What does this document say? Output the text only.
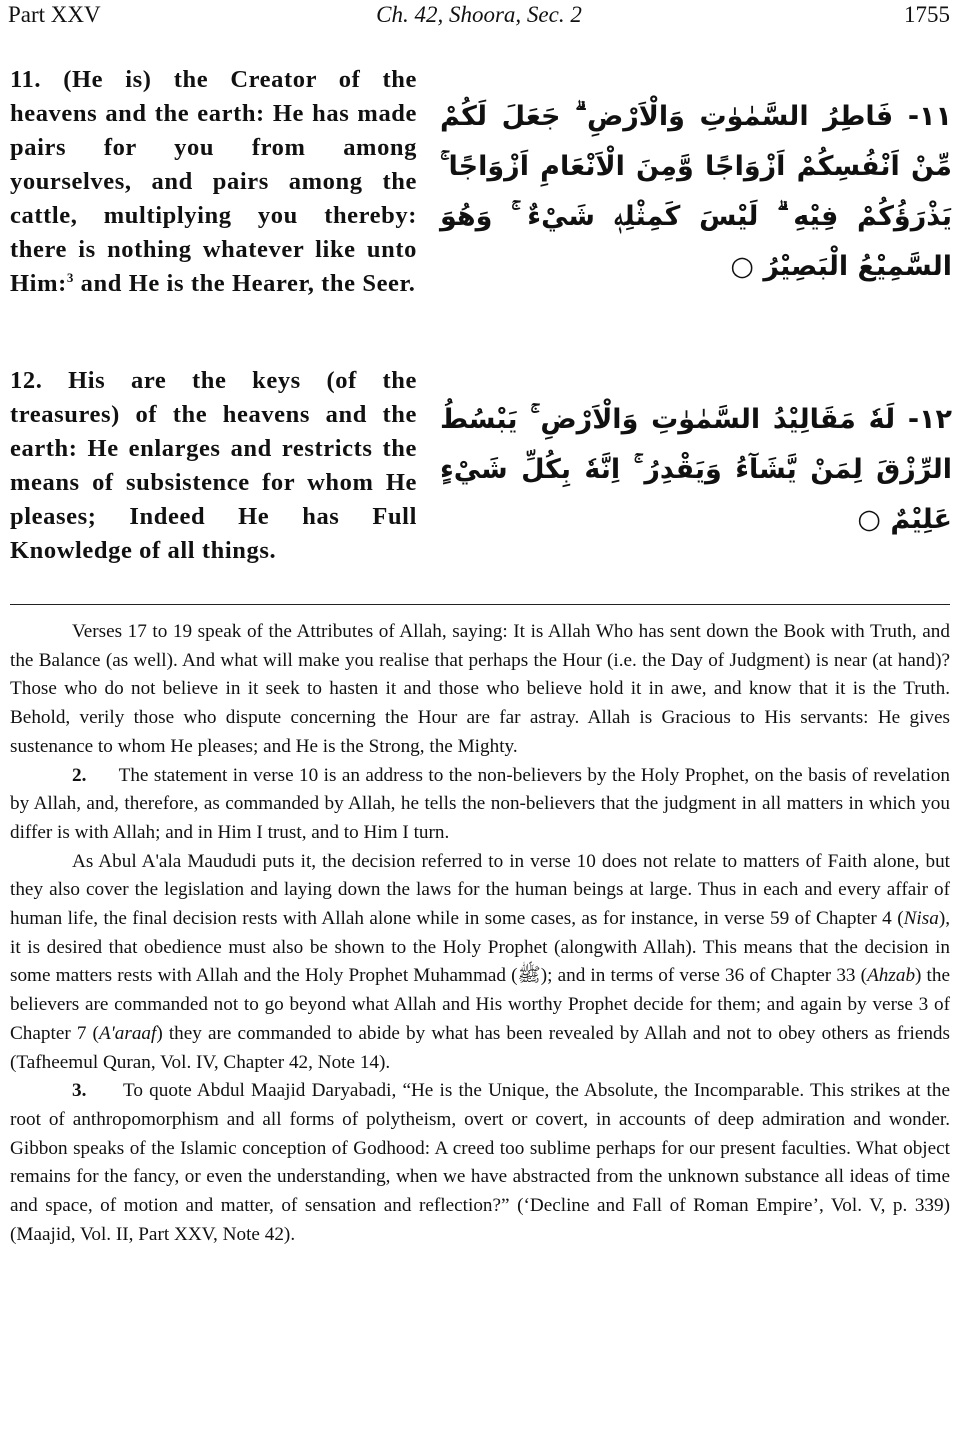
Part XXV	Ch. 42, Shoora, Sec. 2	1755
11. (He is) the Creator of the heavens and the earth: He has made pairs for you from among yourselves, and pairs among the cattle, multiplying you thereby: there is nothing whatever like unto Him:$^3$ and He is the Hearer, the Seer.
١١- فَاطِرُ السَّمٰوٰتِ وَالْاَرْضِ ۗ جَعَلَ لَكُمْ مِّنْ اَنْفُسِكُمْ اَزْوَاجًا وَّمِنَ الْاَنْعَامِ اَزْوَاجًا ۚ يَذْرَؤُكُمْ فِيْهِ ۗ لَيْسَ كَمِثْلِهٖ شَيْءٌ ۚ وَهُوَ السَّمِيْعُ الْبَصِيْرُ ○
12. His are the keys (of the treasures) of the heavens and the earth: He enlarges and restricts the means of subsistence for whom He pleases; Indeed He has Full Knowledge of all things.
١٢- لَهٗ مَقَالِيْدُ السَّمٰوٰتِ وَالْاَرْضِ ۚ يَبْسُطُ الرِّزْقَ لِمَنْ يَّشَآءُ وَيَقْدِرُ ۚ اِنَّهٗ بِكُلِّ شَيْءٍ عَلِيْمٌ ○

Verses 17 to 19 speak of the Attributes of Allah, saying: It is Allah Who has sent down the Book with Truth, and the Balance (as well). And what will make you realise that perhaps the Hour (i.e. the Day of Judgment) is near (at hand)? Those who do not believe in it seek to hasten it and those who believe hold it in awe, and know that it is the Truth. Behold, verily those who dispute concerning the Hour are far astray. Allah is Gracious to His servants: He gives sustenance to whom He pleases; and He is the Strong, the Mighty.

2. The statement in verse 10 is an address to the non-believers by the Holy Prophet, on the basis of revelation by Allah, and, therefore, as commanded by Allah, he tells the non-believers that the judgment in all matters in which you differ is with Allah; and in Him I trust, and to Him I turn.

As Abul A'ala Maududi puts it, the decision referred to in verse 10 does not relate to matters of Faith alone, but they also cover the legislation and laying down the laws for the human beings at large. Thus in each and every affair of human life, the final decision rests with Allah alone while in some cases, as for instance, in verse 59 of Chapter 4 (Nisa), it is desired that obedience must also be shown to the Holy Prophet (alongwith Allah). This means that the decision in some matters rests with Allah and the Holy Prophet Muhammad (ﷺ); and in terms of verse 36 of Chapter 33 (Ahzab) the believers are commanded not to go beyond what Allah and His worthy Prophet decide for them; and again by verse 3 of Chapter 7 (A'araaf) they are commanded to abide by what has been revealed by Allah and not to obey others as friends (Tafheemul Quran, Vol. IV, Chapter 42, Note 14).

3. To quote Abdul Maajid Daryabadi, “He is the Unique, the Absolute, the Incomparable. This strikes at the root of anthropomorphism and all forms of polytheism, overt or covert, in accounts of deep admiration and wonder. Gibbon speaks of the Islamic conception of Godhood: A creed too sublime perhaps for our present faculties. What object remains for the fancy, or even the understanding, when we have abstracted from the unknown substance all ideas of time and space, of motion and matter, of sensation and reflection?” (‘Decline and Fall of Roman Empire’, Vol. V, p. 339) (Maajid, Vol. II, Part XXV, Note 42).
